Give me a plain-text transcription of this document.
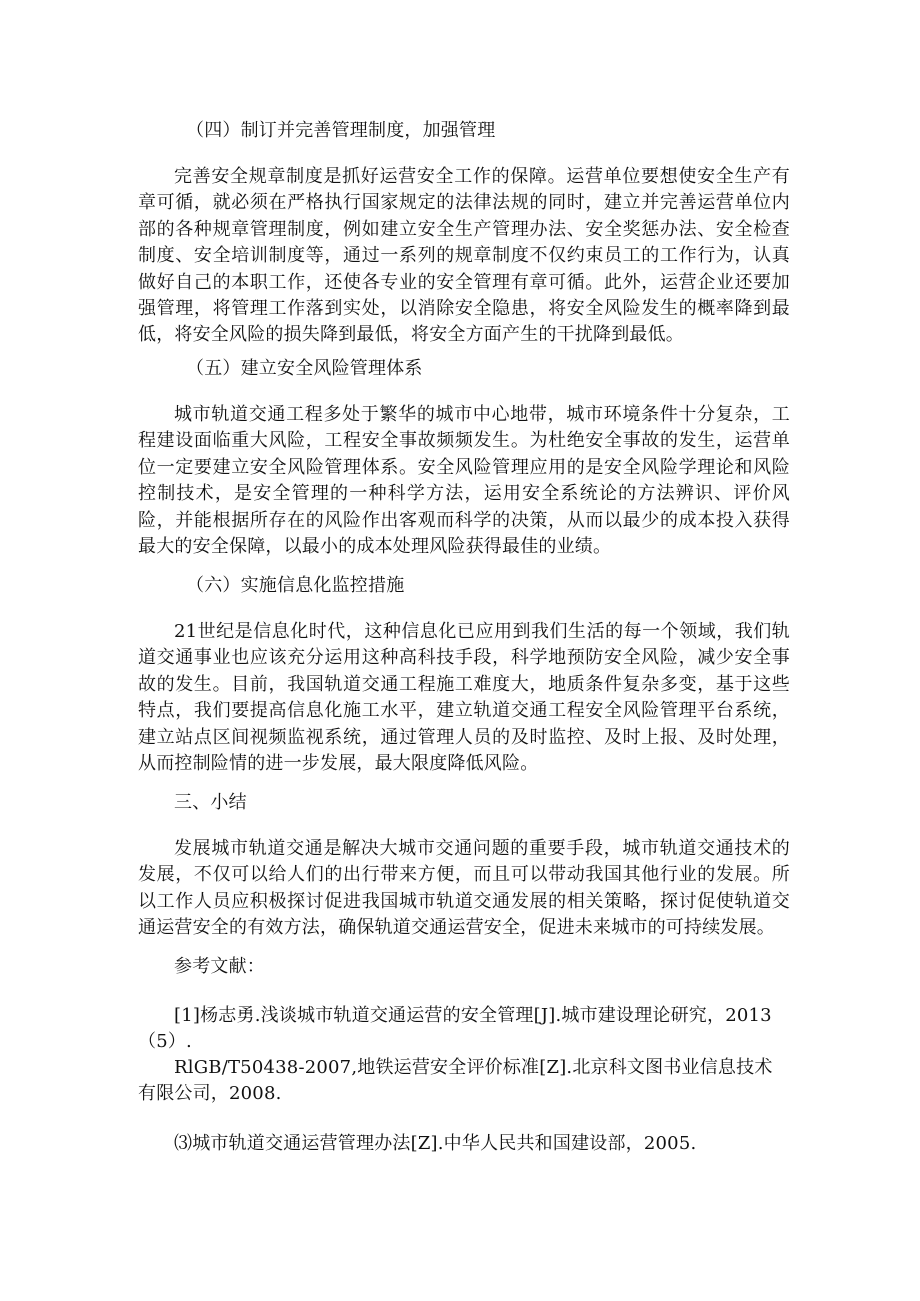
（四）制订并完善管理制度，加强管理

完善安全规章制度是抓好运营安全工作的保障。运营单位要想使安全生产有章可循，就必须在严格执行国家规定的法律法规的同时，建立并完善运营单位内部的各种规章管理制度，例如建立安全生产管理办法、安全奖惩办法、安全检查制度、安全培训制度等，通过一系列的规章制度不仅约束员工的工作行为，认真做好自己的本职工作，还使各专业的安全管理有章可循。此外，运营企业还要加强管理，将管理工作落到实处，以消除安全隐患，将安全风险发生的概率降到最低，将安全风险的损失降到最低，将安全方面产生的干扰降到最低。

（五）建立安全风险管理体系

城市轨道交通工程多处于繁华的城市中心地带，城市环境条件十分复杂，工程建设面临重大风险，工程安全事故频频发生。为杜绝安全事故的发生，运营单位一定要建立安全风险管理体系。安全风险管理应用的是安全风险学理论和风险控制技术，是安全管理的一种科学方法，运用安全系统论的方法辨识、评价风险，并能根据所存在的风险作出客观而科学的决策，从而以最少的成本投入获得最大的安全保障，以最小的成本处理风险获得最佳的业绩。

（六）实施信息化监控措施

21世纪是信息化时代，这种信息化已应用到我们生活的每一个领域，我们轨道交通事业也应该充分运用这种高科技手段，科学地预防安全风险，减少安全事故的发生。目前，我国轨道交通工程施工难度大，地质条件复杂多变，基于这些特点，我们要提高信息化施工水平，建立轨道交通工程安全风险管理平台系统，建立站点区间视频监视系统，通过管理人员的及时监控、及时上报、及时处理，从而控制险情的进一步发展，最大限度降低风险。

三、小结

发展城市轨道交通是解决大城市交通问题的重要手段，城市轨道交通技术的发展，不仅可以给人们的出行带来方便，而且可以带动我国其他行业的发展。所以工作人员应积极探讨促进我国城市轨道交通发展的相关策略，探讨促使轨道交通运营安全的有效方法，确保轨道交通运营安全，促进未来城市的可持续发展。

参考文献：

[1]杨志勇.浅谈城市轨道交通运营的安全管理[J].城市建设理论研究，2013（5）.

RlGB/T50438-2007,地铁运营安全评价标准[Z].北京科文图书业信息技术有限公司，2008.

⑶城市轨道交通运营管理办法[Z].中华人民共和国建设部，2005.
